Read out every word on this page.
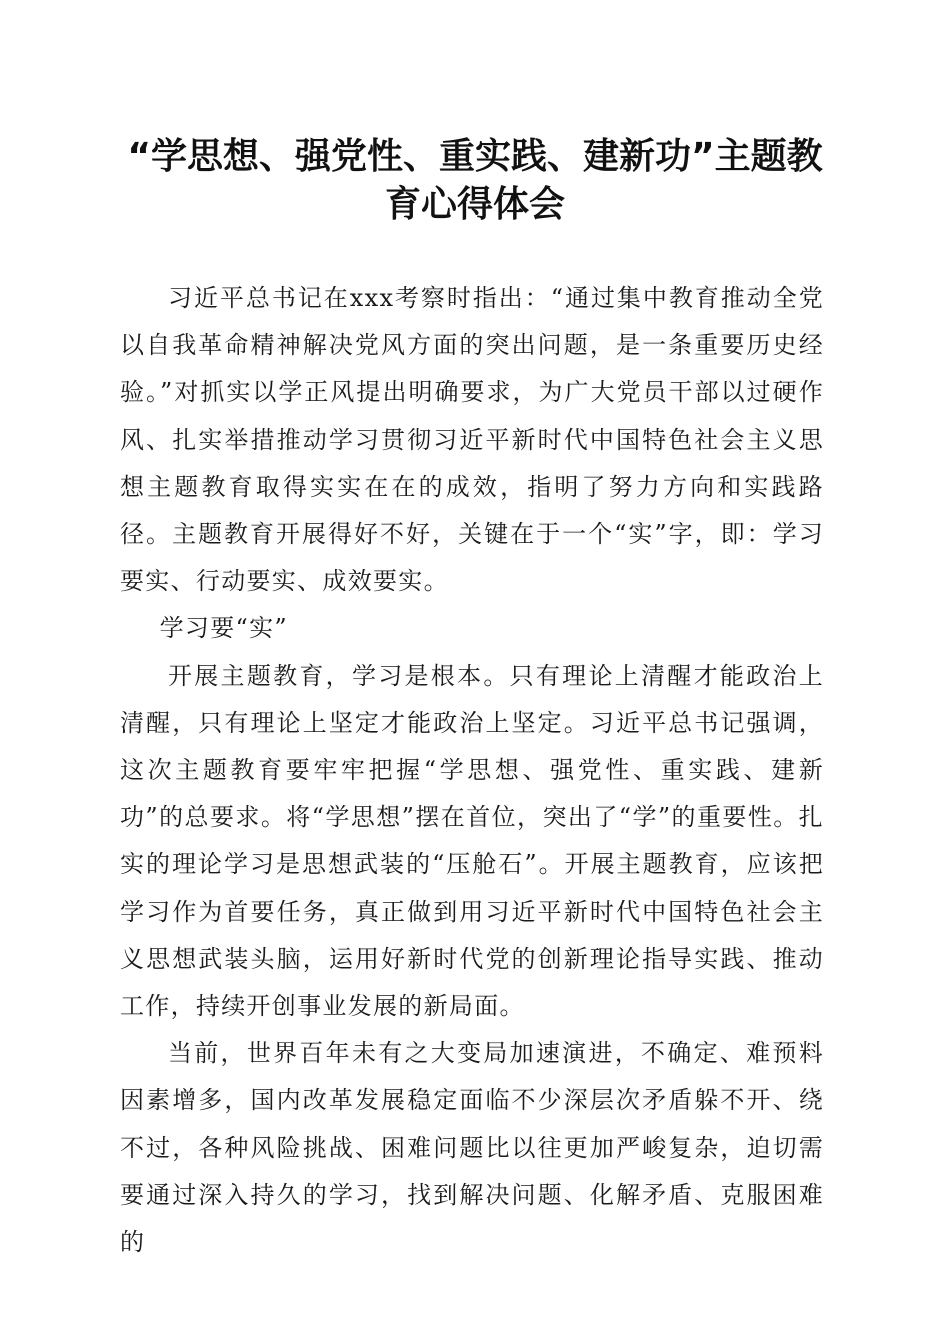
“学思想、强党性、重实践、建新功”主题教育心得体会

习近平总书记在xxx考察时指出：“通过集中教育推动全党以自我革命精神解决党风方面的突出问题，是一条重要历史经验。”对抓实以学正风提出明确要求，为广大党员干部以过硬作风、扎实举措推动学习贯彻习近平新时代中国特色社会主义思想主题教育取得实实在在的成效，指明了努力方向和实践路径。主题教育开展得好不好，关键在于一个“实”字，即：学习要实、行动要实、成效要实。

学习要“实”

开展主题教育，学习是根本。只有理论上清醒才能政治上清醒，只有理论上坚定才能政治上坚定。习近平总书记强调，这次主题教育要牢牢把握“学思想、强党性、重实践、建新功”的总要求。将“学思想”摆在首位，突出了“学”的重要性。扎实的理论学习是思想武装的“压舱石”。开展主题教育，应该把学习作为首要任务，真正做到用习近平新时代中国特色社会主义思想武装头脑，运用好新时代党的创新理论指导实践、推动工作，持续开创事业发展的新局面。

当前，世界百年未有之大变局加速演进，不确定、难预料因素增多，国内改革发展稳定面临不少深层次矛盾躲不开、绕不过，各种风险挑战、困难问题比以往更加严峻复杂，迫切需要通过深入持久的学习，找到解决问题、化解矛盾、克服困难的
